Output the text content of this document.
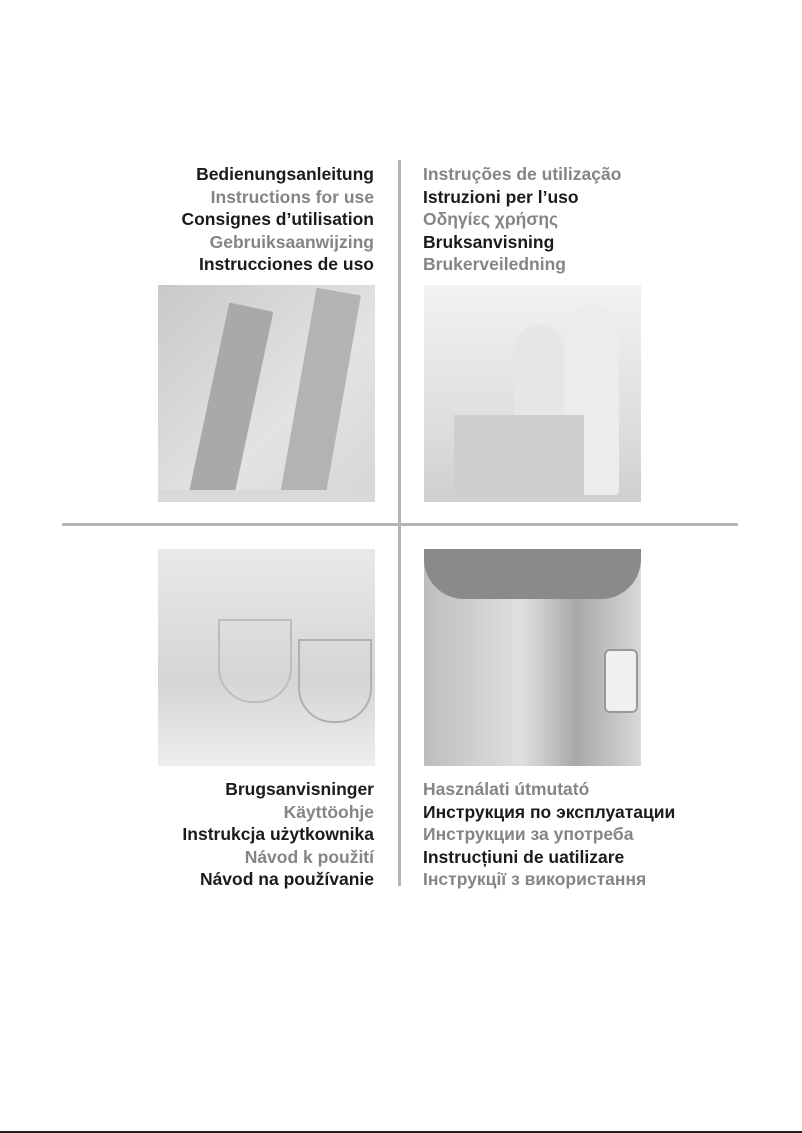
Bedienungsanleitung
Instructions for use
Consignes d’utilisation
Gebruiksaanwijzing
Instrucciones de uso
Instruções de utilização
Istruzioni per l’uso
Οδηγίες χρήσης
Bruksanvisning
Brukerveiledning
Brugsanvisninger
Käyttöohje
Instrukcja użytkownika
Návod k použití
Návod na používanie
Használati útmutató
Инструкция по эксплуатации
Инструкции за употреба
Instrucțiuni de uatilizare
Інструкції з використання
